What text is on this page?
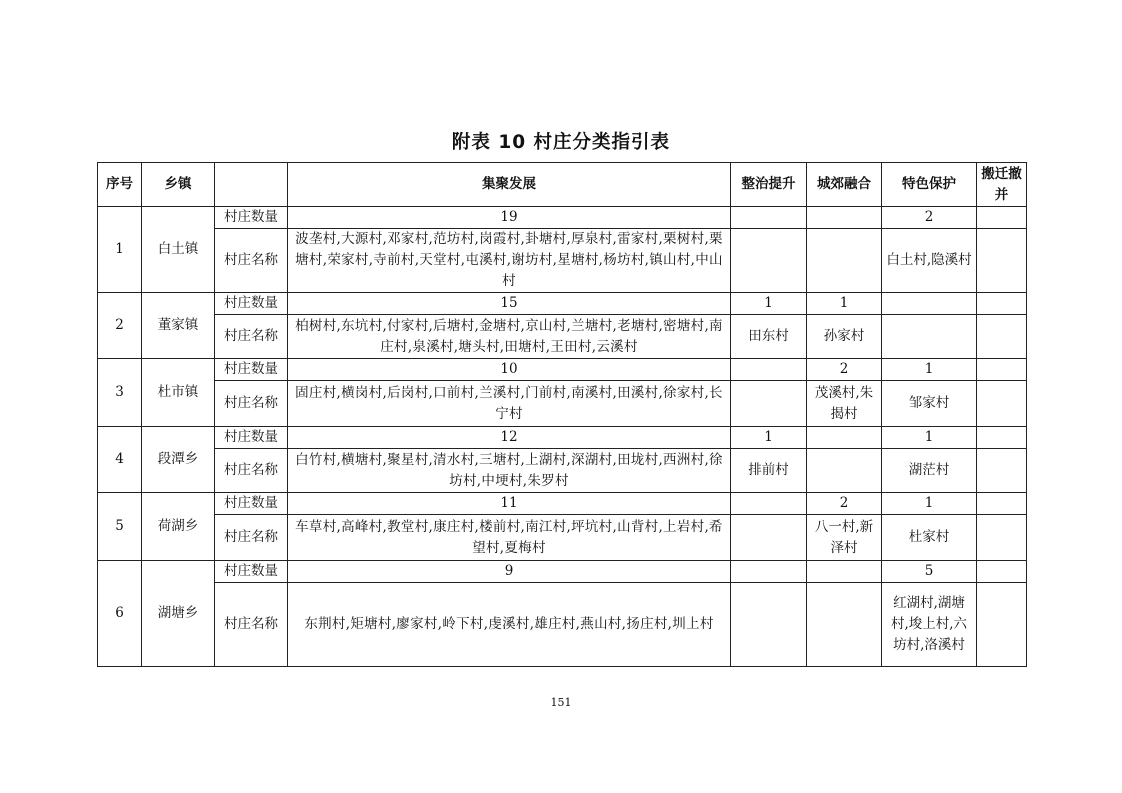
附表 10 村庄分类指引表
序号	乡镇		集聚发展	整治提升	城郊融合	特色保护	搬迁撤并
1	白土镇	村庄数量	19			2	
		村庄名称	波垄村,大源村,邓家村,范坊村,岗霞村,卦塘村,厚泉村,雷家村,栗树村,栗塘村,荣家村,寺前村,天堂村,屯溪村,谢坊村,星塘村,杨坊村,镇山村,中山村			白土村,隐溪村	
2	董家镇	村庄数量	15	1	1		
		村庄名称	柏树村,东坑村,付家村,后塘村,金塘村,京山村,兰塘村,老塘村,密塘村,南庄村,泉溪村,塘头村,田塘村,王田村,云溪村	田东村	孙家村		
3	杜市镇	村庄数量	10		2	1	
		村庄名称	固庄村,横岗村,后岗村,口前村,兰溪村,门前村,南溪村,田溪村,徐家村,长宁村		茂溪村,朱揭村	邹家村	
4	段潭乡	村庄数量	12	1		1	
		村庄名称	白竹村,横塘村,聚星村,清水村,三塘村,上湖村,深湖村,田垅村,西洲村,徐坊村,中埂村,朱罗村	排前村		湖茫村	
5	荷湖乡	村庄数量	11		2	1	
		村庄名称	车草村,高峰村,教堂村,康庄村,楼前村,南江村,坪坑村,山背村,上岩村,希望村,夏梅村		八一村,新泽村	杜家村	
6	湖塘乡	村庄数量	9			5	
		村庄名称	东荆村,矩塘村,廖家村,岭下村,虔溪村,雄庄村,燕山村,扬庄村,圳上村			红湖村,湖塘村,埈上村,六坊村,洛溪村	
151
